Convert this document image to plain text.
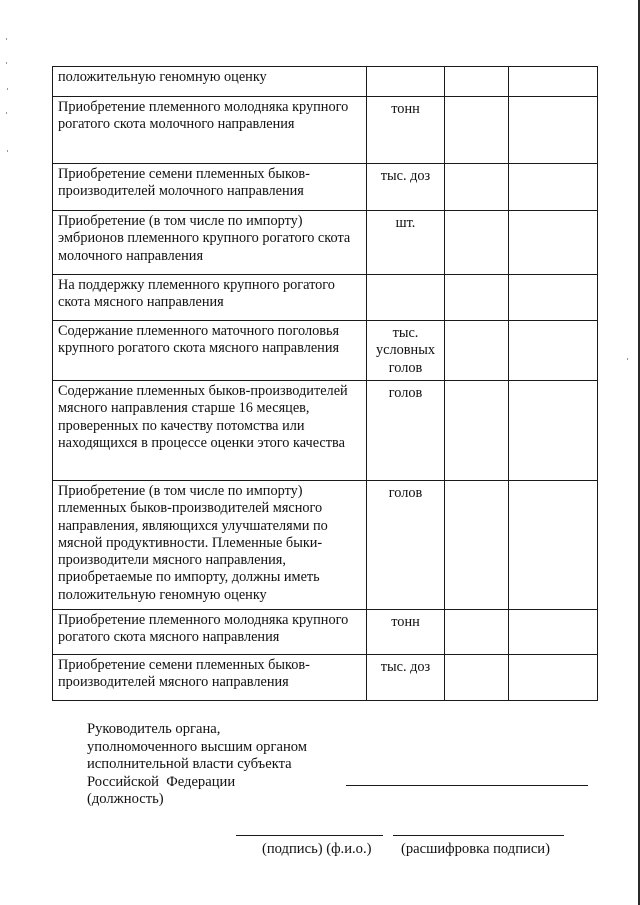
положительную геномную оценку			
Приобретение племенного молодняка крупного рогатого скота молочного направления	тонн		
Приобретение семени племенных быков-производителей молочного направления	тыс. доз		
Приобретение (в том числе по импорту) эмбрионов племенного крупного рогатого скота молочного направления	шт.		
На поддержку племенного крупного рогатого скота мясного направления			
Содержание племенного маточного поголовья крупного рогатого скота мясного направления	тыс. условных голов		
Содержание племенных быков-производителей мясного направления старше 16 месяцев, проверенных по качеству потомства или находящихся в процессе оценки этого качества	голов		
Приобретение (в том числе по импорту) племенных быков-производителей мясного направления, являющихся улучшателями по мясной продуктивности. Племенные быки-производители мясного направления, приобретаемые по импорту, должны иметь положительную геномную оценку	голов		
Приобретение племенного молодняка крупного рогатого скота мясного направления	тонн		
Приобретение семени племенных быков-производителей мясного направления	тыс. доз		
Руководитель органа,
уполномоченного высшим органом
исполнительной власти субъекта
Российской  Федерации
(должность)
(подпись) (ф.и.о.) (расшифровка подписи)
